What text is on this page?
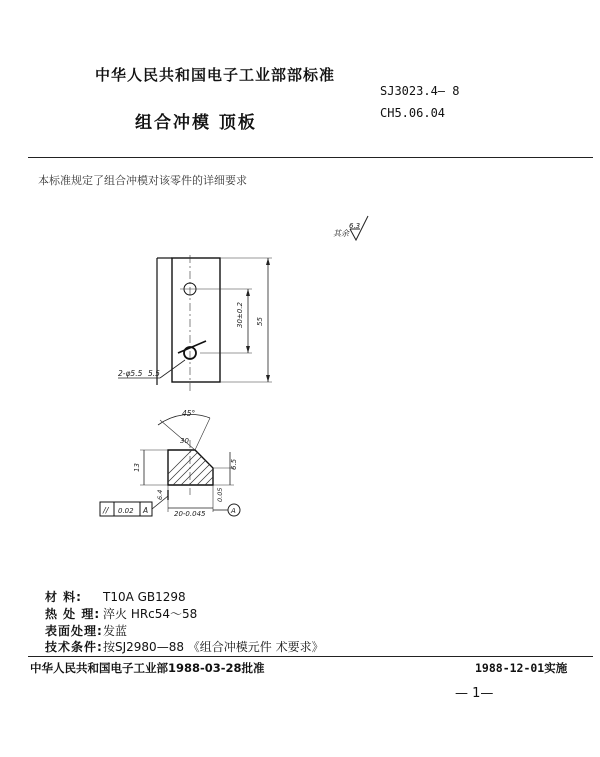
中华人民共和国电子工业部部标准
SJ3023.4— 8
组合冲模 顶板	CH5.06.04
本标准规定了组合冲模对该零件的详细要求
其余
6.3
2-φ5.5 5.5
30±0.2 55
45°
30
13	6.5
20-0.045
6.4	0.05
A
// 0.02 A
材 料: T10A GB1298
热 处 理: 淬火 HRc54～58
表面处理:发蓝
技术条件:按SJ2980—88 《组合冲模元件 术要求》
中华人民共和国电子工业部1988-03-28批准	1988-12-01实施
— 1—
